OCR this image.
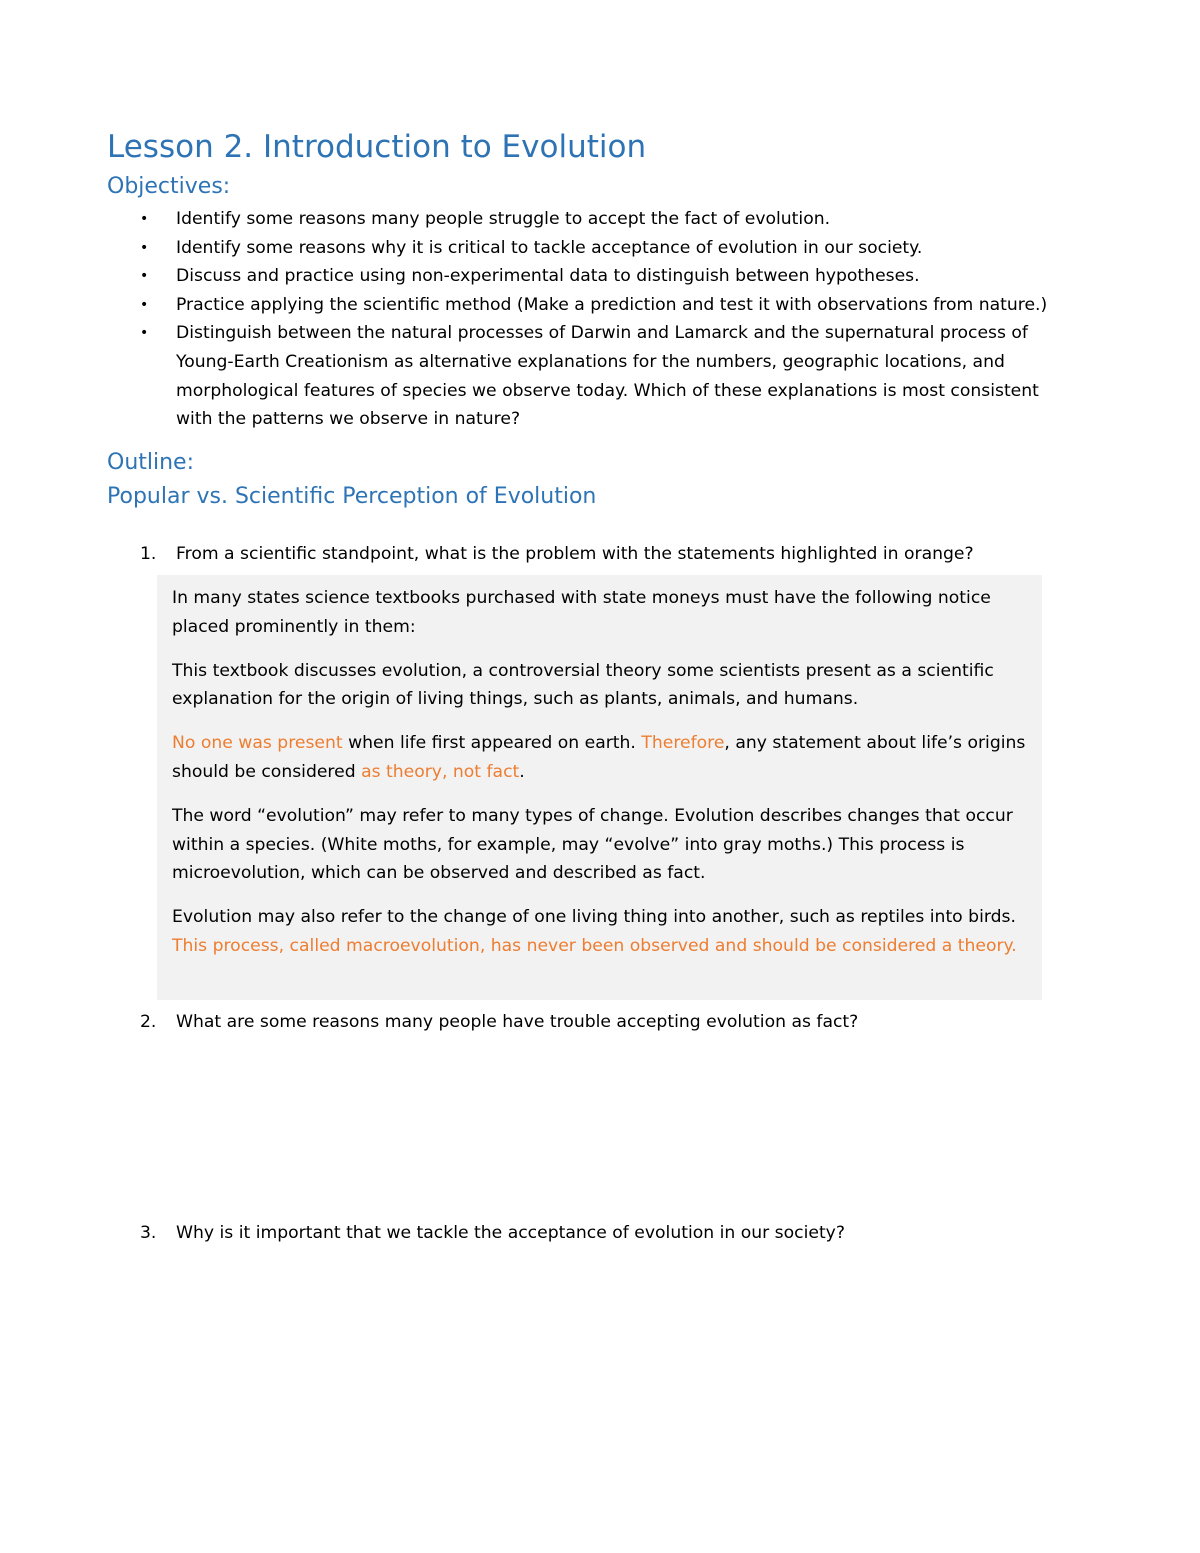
Lesson 2. Introduction to Evolution
Objectives:
•	Identify some reasons many people struggle to accept the fact of evolution.
•	Identify some reasons why it is critical to tackle acceptance of evolution in our society.
•	Discuss and practice using non-experimental data to distinguish between hypotheses.
•	Practice applying the scientific method (Make a prediction and test it with observations from nature.)
•	Distinguish between the natural processes of Darwin and Lamarck and the supernatural process of Young-Earth Creationism as alternative explanations for the numbers, geographic locations, and morphological features of species we observe today. Which of these explanations is most consistent with the patterns we observe in nature?
Outline:
Popular vs. Scientific Perception of Evolution
1. From a scientific standpoint, what is the problem with the statements highlighted in orange?

In many states science textbooks purchased with state moneys must have the following notice placed prominently in them:

This textbook discusses evolution, a controversial theory some scientists present as a scientific explanation for the origin of living things, such as plants, animals, and humans.

No one was present when life first appeared on earth. Therefore, any statement about life’s origins should be considered as theory, not fact.

The word “evolution” may refer to many types of change. Evolution describes changes that occur within a species. (White moths, for example, may “evolve” into gray moths.) This process is microevolution, which can be observed and described as fact.

Evolution may also refer to the change of one living thing into another, such as reptiles into birds.
This process, called macroevolution, has never been observed and should be considered a theory.

2. What are some reasons many people have trouble accepting evolution as fact?
3. Why is it important that we tackle the acceptance of evolution in our society?
